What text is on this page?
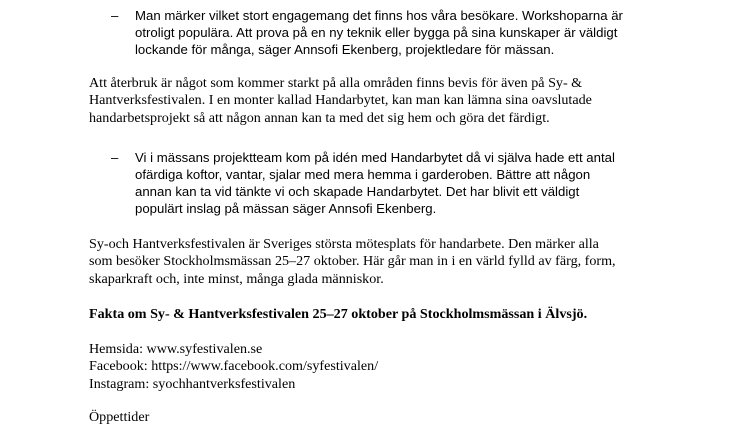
– Man märker vilket stort engagemang det finns hos våra besökare. Workshoparna är
otroligt populära. Att prova på en ny teknik eller bygga på sina kunskaper är väldigt
lockande för många, säger Annsofi Ekenberg, projektledare för mässan.
Att återbruk är något som kommer starkt på alla områden finns bevis för även på Sy- &
Hantverksfestivalen. I en monter kallad Handarbytet, kan man kan lämna sina oavslutade
handarbetsprojekt så att någon annan kan ta med det sig hem och göra det färdigt.
– Vi i mässans projektteam kom på idén med Handarbytet då vi själva hade ett antal
ofärdiga koftor, vantar, sjalar med mera hemma i garderoben. Bättre att någon
annan kan ta vid tänkte vi och skapade Handarbytet. Det har blivit ett väldigt
populärt inslag på mässan säger Annsofi Ekenberg.
Sy-och Hantverksfestivalen är Sveriges största mötesplats för handarbete. Den märker alla
som besöker Stockholmsmässan 25–27 oktober. Här går man in i en värld fylld av färg, form,
skaparkraft och, inte minst, många glada människor.
Fakta om Sy- & Hantverksfestivalen 25–27 oktober på Stockholmsmässan i Älvsjö.
Hemsida: www.syfestivalen.se
Facebook: https://www.facebook.com/syfestivalen/
Instagram: syochhantverksfestivalen
Öppettider
